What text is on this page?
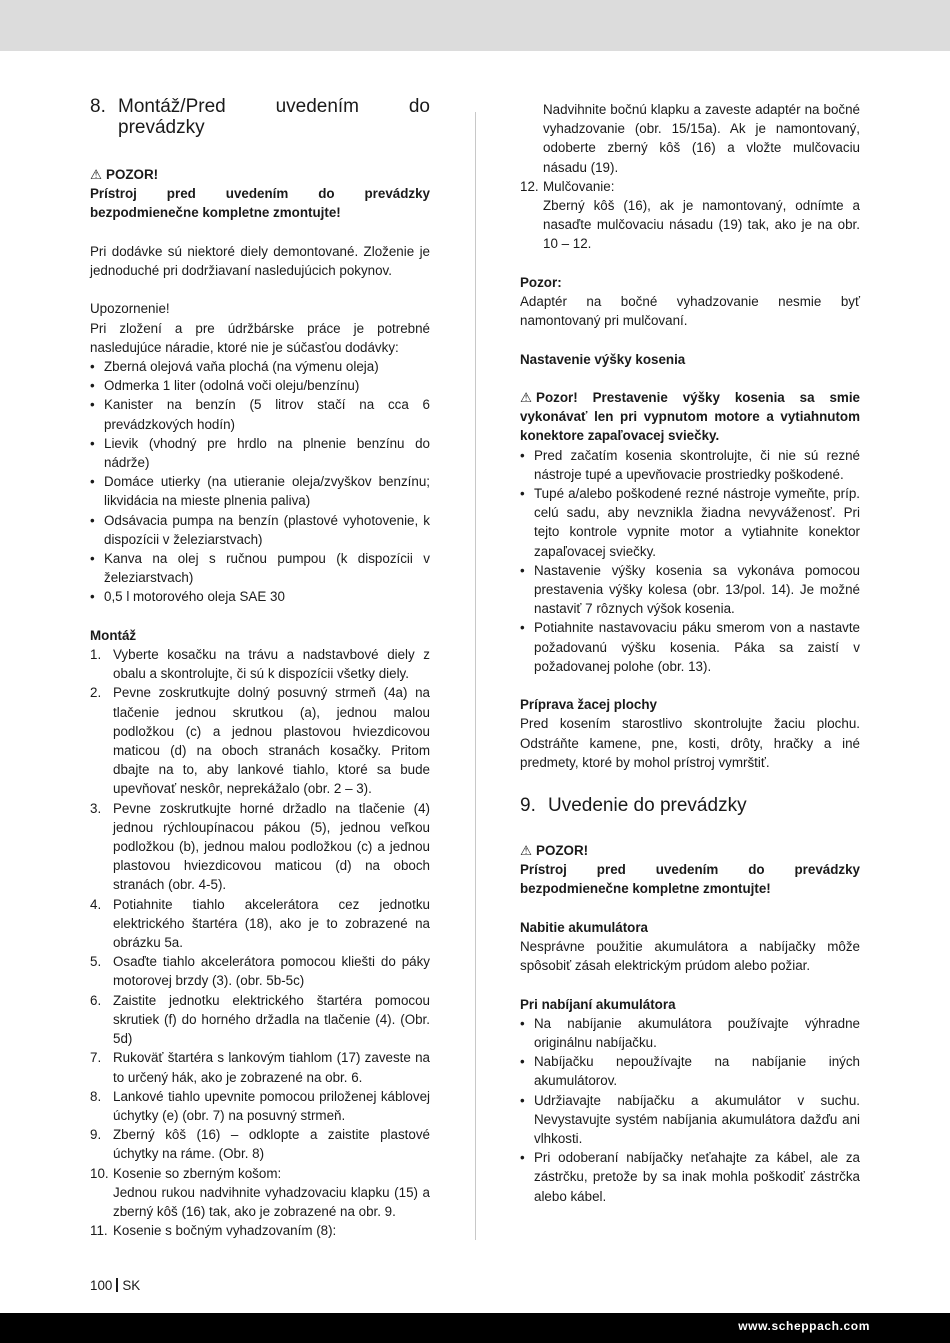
8. Montáž/Pred uvedením do prevádzky

⚠ POZOR!

Prístroj pred uvedením do prevádzky bezpodmienečne kompletne zmontujte!

Pri dodávke sú niektoré diely demontované. Zloženie je jednoduché pri dodržiavaní nasledujúcich pokynov.

Upozornenie!

Pri zložení a pre údržbárske práce je potrebné nasledujúce náradie, ktoré nie je súčasťou dodávky:

• Zberná olejová vaňa plochá (na výmenu oleja)
• Odmerka 1 liter (odolná voči oleju/benzínu)
• Kanister na benzín (5 litrov stačí na cca 6 prevádzkových hodín)
• Lievik (vhodný pre hrdlo na plnenie benzínu do nádrže)
• Domáce utierky (na utieranie oleja/zvyškov benzínu; likvidácia na mieste plnenia paliva)
• Odsávacia pumpa na benzín (plastové vyhotovenie, k dispozícii v železiarstvach)
• Kanva na olej s ručnou pumpou (k dispozícii v železiarstvach)
• 0,5 l motorového oleja SAE 30

Montáž

1. Vyberte kosačku na trávu a nadstavbové diely z obalu a skontrolujte, či sú k dispozícii všetky diely.
2. Pevne zoskrutkujte dolný posuvný strmeň (4a) na tlačenie jednou skrutkou (a), jednou malou podložkou (c) a jednou plastovou hviezdicovou maticou (d) na oboch stranách kosačky. Pritom dbajte na to, aby lankové tiahlo, ktoré sa bude upevňovať neskôr, neprekážalo (obr. 2 – 3).
3. Pevne zoskrutkujte horné držadlo na tlačenie (4) jednou rýchloupínacou pákou (5), jednou veľkou podložkou (b), jednou malou podložkou (c) a jednou plastovou hviezdicovou maticou (d) na oboch stranách (obr. 4-5).
4. Potiahnite tiahlo akcelerátora cez jednotku elektrického štartéra (18), ako je to zobrazené na obrázku 5a.
5. Osaďte tiahlo akcelerátora pomocou kliešti do páky motorovej brzdy (3). (obr. 5b-5c)
6. Zaistite jednotku elektrického štartéra pomocou skrutiek (f) do horného držadla na tlačenie (4). (Obr. 5d)
7. Rukoväť štartéra s lankovým tiahlom (17) zaveste na to určený hák, ako je zobrazené na obr. 6.
8. Lankové tiahlo upevnite pomocou priloženej káblovej úchytky (e) (obr. 7) na posuvný strmeň.
9. Zberný kôš (16) – odklopte a zaistite plastové úchytky na ráme. (Obr. 8)
10. Kosenie so zberným košom:
Jednou rukou nadvihnite vyhadzovaciu klapku (15) a zberný kôš (16) tak, ako je zobrazené na obr. 9.
11. Kosenie s bočným vyhadzovaním (8):

Nadvihnite bočnú klapku a zaveste adaptér na bočné vyhadzovanie (obr. 15/15a). Ak je namontovaný, odoberte zberný kôš (16) a vložte mulčovaciu násadu (19).

12. Mulčovanie:

Zberný kôš (16), ak je namontovaný, odnímte a nasaďte mulčovaciu násadu (19) tak, ako je na obr. 10 – 12.

Pozor:

Adaptér na bočné vyhadzovanie nesmie byť namontovaný pri mulčovaní.

Nastavenie výšky kosenia

⚠ Pozor! Prestavenie výšky kosenia sa smie vykonávať len pri vypnutom motore a vytiahnutom konektore zapaľovacej sviečky.

• Pred začatím kosenia skontrolujte, či nie sú rezné nástroje tupé a upevňovacie prostriedky poškodené.
• Tupé a/alebo poškodené rezné nástroje vymeňte, príp. celú sadu, aby nevznikla žiadna nevyváženosť. Pri tejto kontrole vypnite motor a vytiahnite konektor zapaľovacej sviečky.
• Nastavenie výšky kosenia sa vykonáva pomocou prestavenia výšky kolesa (obr. 13/pol. 14). Je možné nastaviť 7 rôznych výšok kosenia.
• Potiahnite nastavovaciu páku smerom von a nastavte požadovanú výšku kosenia. Páka sa zaistí v požadovanej polohe (obr. 13).

Príprava žacej plochy

Pred kosením starostlivo skontrolujte žaciu plochu. Odstráňte kamene, pne, kosti, drôty, hračky a iné predmety, ktoré by mohol prístroj vymrštiť.

9. Uvedenie do prevádzky

⚠ POZOR!

Prístroj pred uvedením do prevádzky bezpodmienečne kompletne zmontujte!

Nabitie akumulátora

Nesprávne použitie akumulátora a nabíjačky môže spôsobiť zásah elektrickým prúdom alebo požiar.

Pri nabíjaní akumulátora

• Na nabíjanie akumulátora používajte výhradne originálnu nabíjačku.
• Nabíjačku nepoužívajte na nabíjanie iných akumulátorov.
• Udržiavajte nabíjačku a akumulátor v suchu. Nevystavujte systém nabíjania akumulátora dažďu ani vlhkosti.
• Pri odoberaní nabíjačky neťahajte za kábel, ale za zástrčku, pretože by sa inak mohla poškodiť zástrčka alebo kábel.
100 SK
www.scheppach.com
